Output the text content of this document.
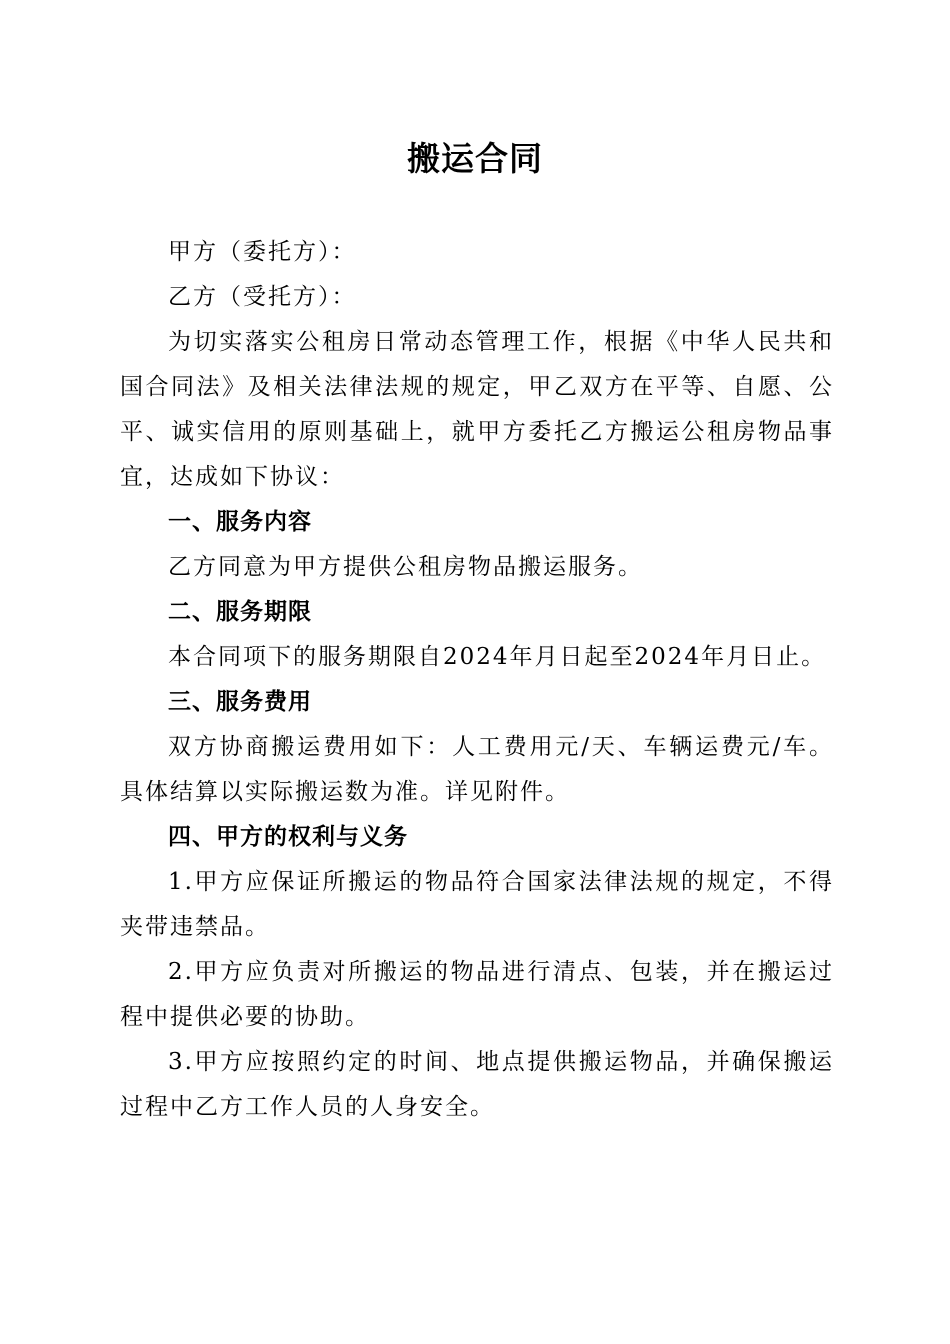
搬运合同

甲方（委托方）：

乙方（受托方）：

为切实落实公租房日常动态管理工作，根据《中华人民共和国合同法》及相关法律法规的规定，甲乙双方在平等、自愿、公平、诚实信用的原则基础上，就甲方委托乙方搬运公租房物品事宜，达成如下协议：

一、服务内容

乙方同意为甲方提供公租房物品搬运服务。

二、服务期限

本合同项下的服务期限自2024年月日起至2024年月日止。

三、服务费用

双方协商搬运费用如下：人工费用元/天、车辆运费元/车。具体结算以实际搬运数为准。详见附件。

四、甲方的权利与义务

1.甲方应保证所搬运的物品符合国家法律法规的规定，不得夹带违禁品。

2.甲方应负责对所搬运的物品进行清点、包装，并在搬运过程中提供必要的协助。

3.甲方应按照约定的时间、地点提供搬运物品，并确保搬运过程中乙方工作人员的人身安全。
